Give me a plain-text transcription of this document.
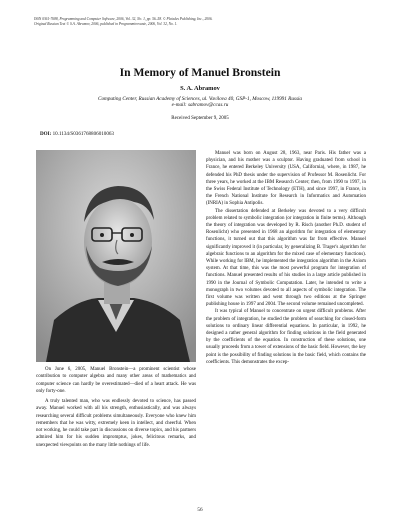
ISSN 0361-7688, Programming and Computer Software, 2006, Vol. 32, No. 1, pp. 56–58. © Pleiades Publishing, Inc., 2006.
Original Russian Text © S.A. Abramov, 2006, published in Programmirovanie, 2006, Vol. 32, No. 1.
In Memory of Manuel Bronstein
S. A. Abramov
Computing Center, Russian Academy of Sciences, ul. Vavilova 40, GSP-1, Moscow, 119991 Russia
e-mail: sabramov@ccas.ru
Received September 9, 2005
DOI: 10.1134/S0361768806010063

On June 6, 2005, Manuel Bronstein—a prominent scientist whose contribution to computer algebra and many other areas of mathematics and computer science can hardly be overestimated—died of a heart attack. He was only forty-one.

A truly talented man, who was endlessly devoted to science, has passed away. Manuel worked with all his strength, enthusiastically, and was always researching several difficult problems simultaneously. Everyone who knew him remembers that he was witty, extremely keen in intellect, and cheerful. When not working, he could take part in discussions on diverse topics, and his partners admired him for his sudden impromptus, jokes, felicitous remarks, and unexpected viewpoints on the many little nothings of life.

Manuel was born on August 28, 1963, near Paris. His father was a physician, and his mother was a sculptor. Having graduated from school in France, he entered Berkeley University (USA, California), where, in 1987, he defended his PhD thesis under the supervision of Professor M. Rosenlicht. For three years, he worked at the IBM Research Center; then, from 1990 to 1997, in the Swiss Federal Institute of Technology (ETH), and since 1997, in France, in the French National Institute for Research in Informatics and Automation (INRIA) in Sophia Antipolis.

The dissertation defended at Berkeley was devoted to a very difficult problem related to symbolic integration (or integration in finite terms). Although the theory of integration was developed by R. Risch (another Ph.D. student of Rosenlicht) who presented in 1968 an algorithm for integration of elementary functions, it turned out that this algorithm was far from effective. Manuel significantly improved it (in particular, by generalizing B. Trager's algorithm for algebraic functions to an algorithm for the mixed case of elementary functions). While working for IBM, he implemented the integration algorithm in the Axiom system. At that time, this was the most powerful program for integration of functions. Manuel presented results of his studies in a large article published in 1990 in the Journal of Symbolic Computation. Later, he intended to write a monograph in two volumes devoted to all aspects of symbolic integration. The first volume was written and went through two editions at the Springer publishing house in 1997 and 2004. The second volume remained uncompleted.

It was typical of Manuel to concentrate on urgent difficult problems. After the problem of integration, he studied the problem of searching for closed-form solutions to ordinary linear differential equations. In particular, in 1992, he designed a rather general algorithm for finding solutions in the field generated by the coefficients of the equation. In construction of these solutions, one usually proceeds from a tower of extensions of the basic field. However, the key point is the possibility of finding solutions in the basic field, which contains the coefficients. This demonstrates the excep-

56
